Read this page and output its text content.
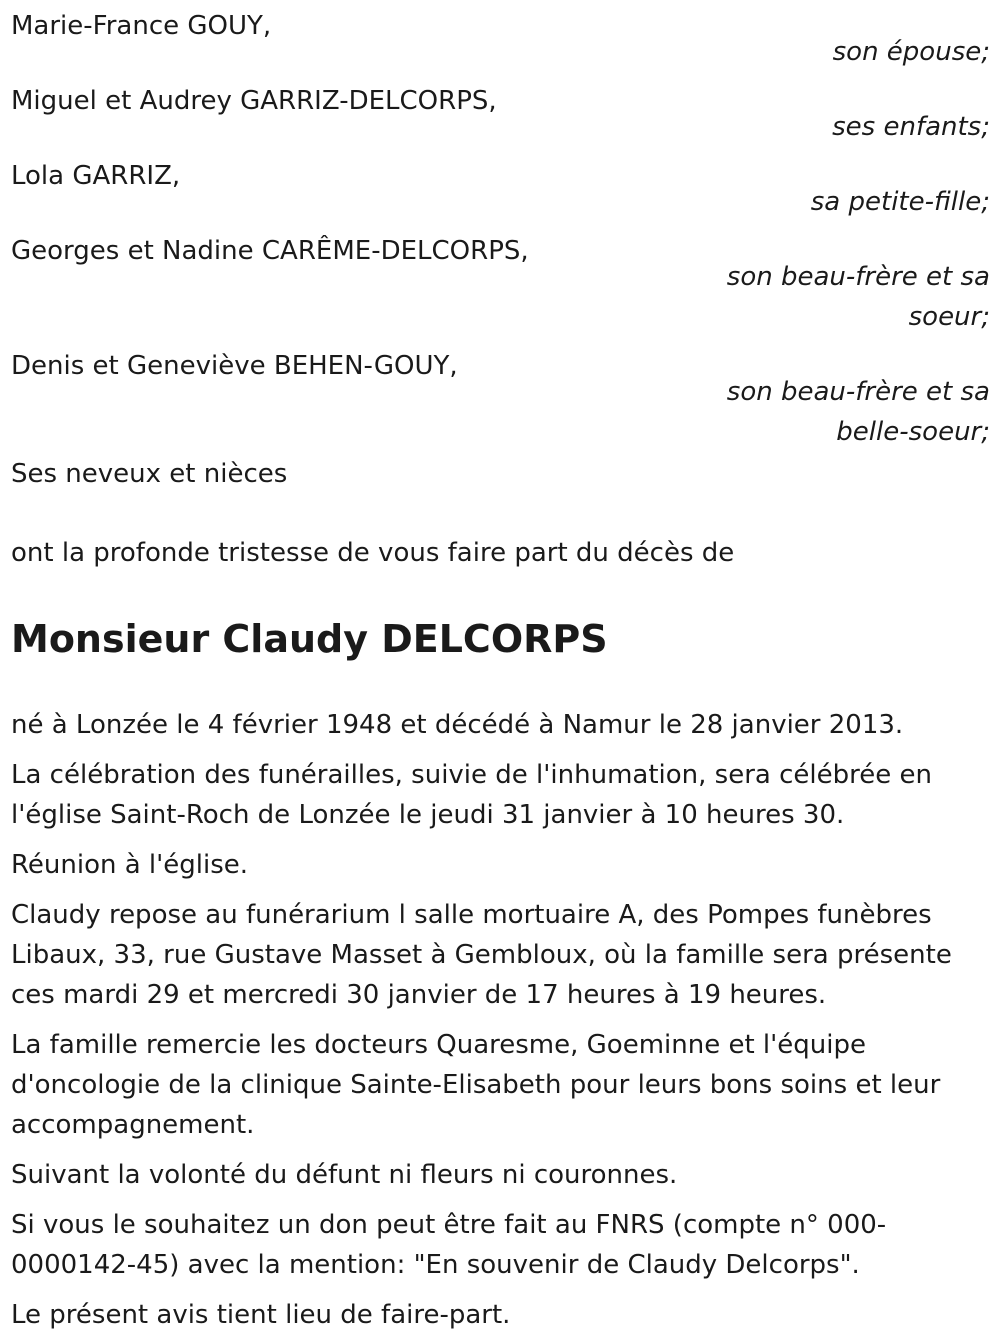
Marie-France GOUY,
son épouse;
Miguel et Audrey GARRIZ-DELCORPS,
ses enfants;
Lola GARRIZ,
sa petite-fille;
Georges et Nadine CARÊME-DELCORPS,
son beau-frère et sa soeur;
Denis et Geneviève BEHEN-GOUY,
son beau-frère et sa belle-soeur;
Ses neveux et nièces
ont la profonde tristesse de vous faire part du décès de
Monsieur Claudy DELCORPS

né à Lonzée le 4 février 1948 et décédé à Namur le 28 janvier 2013.

La célébration des funérailles, suivie de l'inhumation, sera célébrée en l'église Saint-Roch de Lonzée le jeudi 31 janvier à 10 heures 30.

Réunion à l'église.

Claudy repose au funérarium l salle mortuaire A, des Pompes funèbres Libaux, 33, rue Gustave Masset à Gembloux, où la famille sera présente ces mardi 29 et mercredi 30 janvier de 17 heures à 19 heures.

La famille remercie les docteurs Quaresme, Goeminne et l'équipe d'oncologie de la clinique Sainte-Elisabeth pour leurs bons soins et leur accompagnement.

Suivant la volonté du défunt ni fleurs ni couronnes.

Si vous le souhaitez un don peut être fait au FNRS (compte n° 000-0000142-45) avec la mention: "En souvenir de Claudy Delcorps".

Le présent avis tient lieu de faire-part.
